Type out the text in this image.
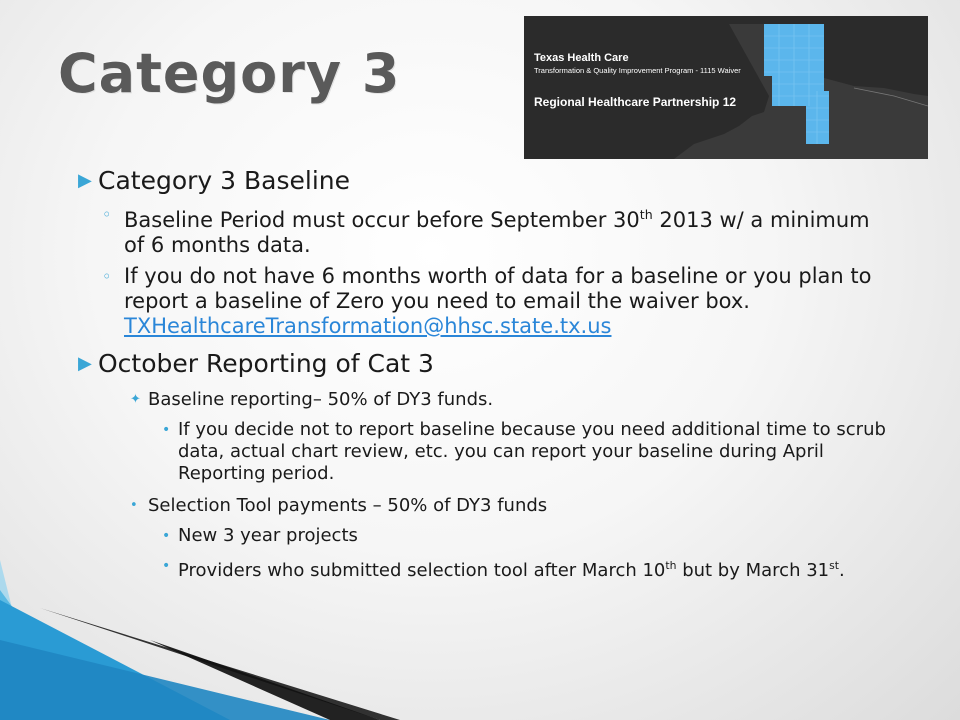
Category 3	Texas Health Care
Transformation & Quality Improvement Program - 1115 Waiver
Regional Healthcare Partnership 12
▶ Category 3 Baseline
◦ Baseline Period must occur before September 30th 2013 w/ a minimum of 6 months data.
◦ If you do not have 6 months worth of data for a baseline or you plan to report a baseline of Zero you need to email the waiver box. TXHealthcareTransformation@hhsc.state.tx.us
▶ October Reporting of Cat 3
✦ Baseline reporting– 50% of DY3 funds.
• If you decide not to report baseline because you need additional time to scrub data, actual chart review, etc. you can report your baseline during April Reporting period.
• Selection Tool payments – 50% of DY3 funds
• New 3 year projects
• Providers who submitted selection tool after March 10th but by March 31st.
